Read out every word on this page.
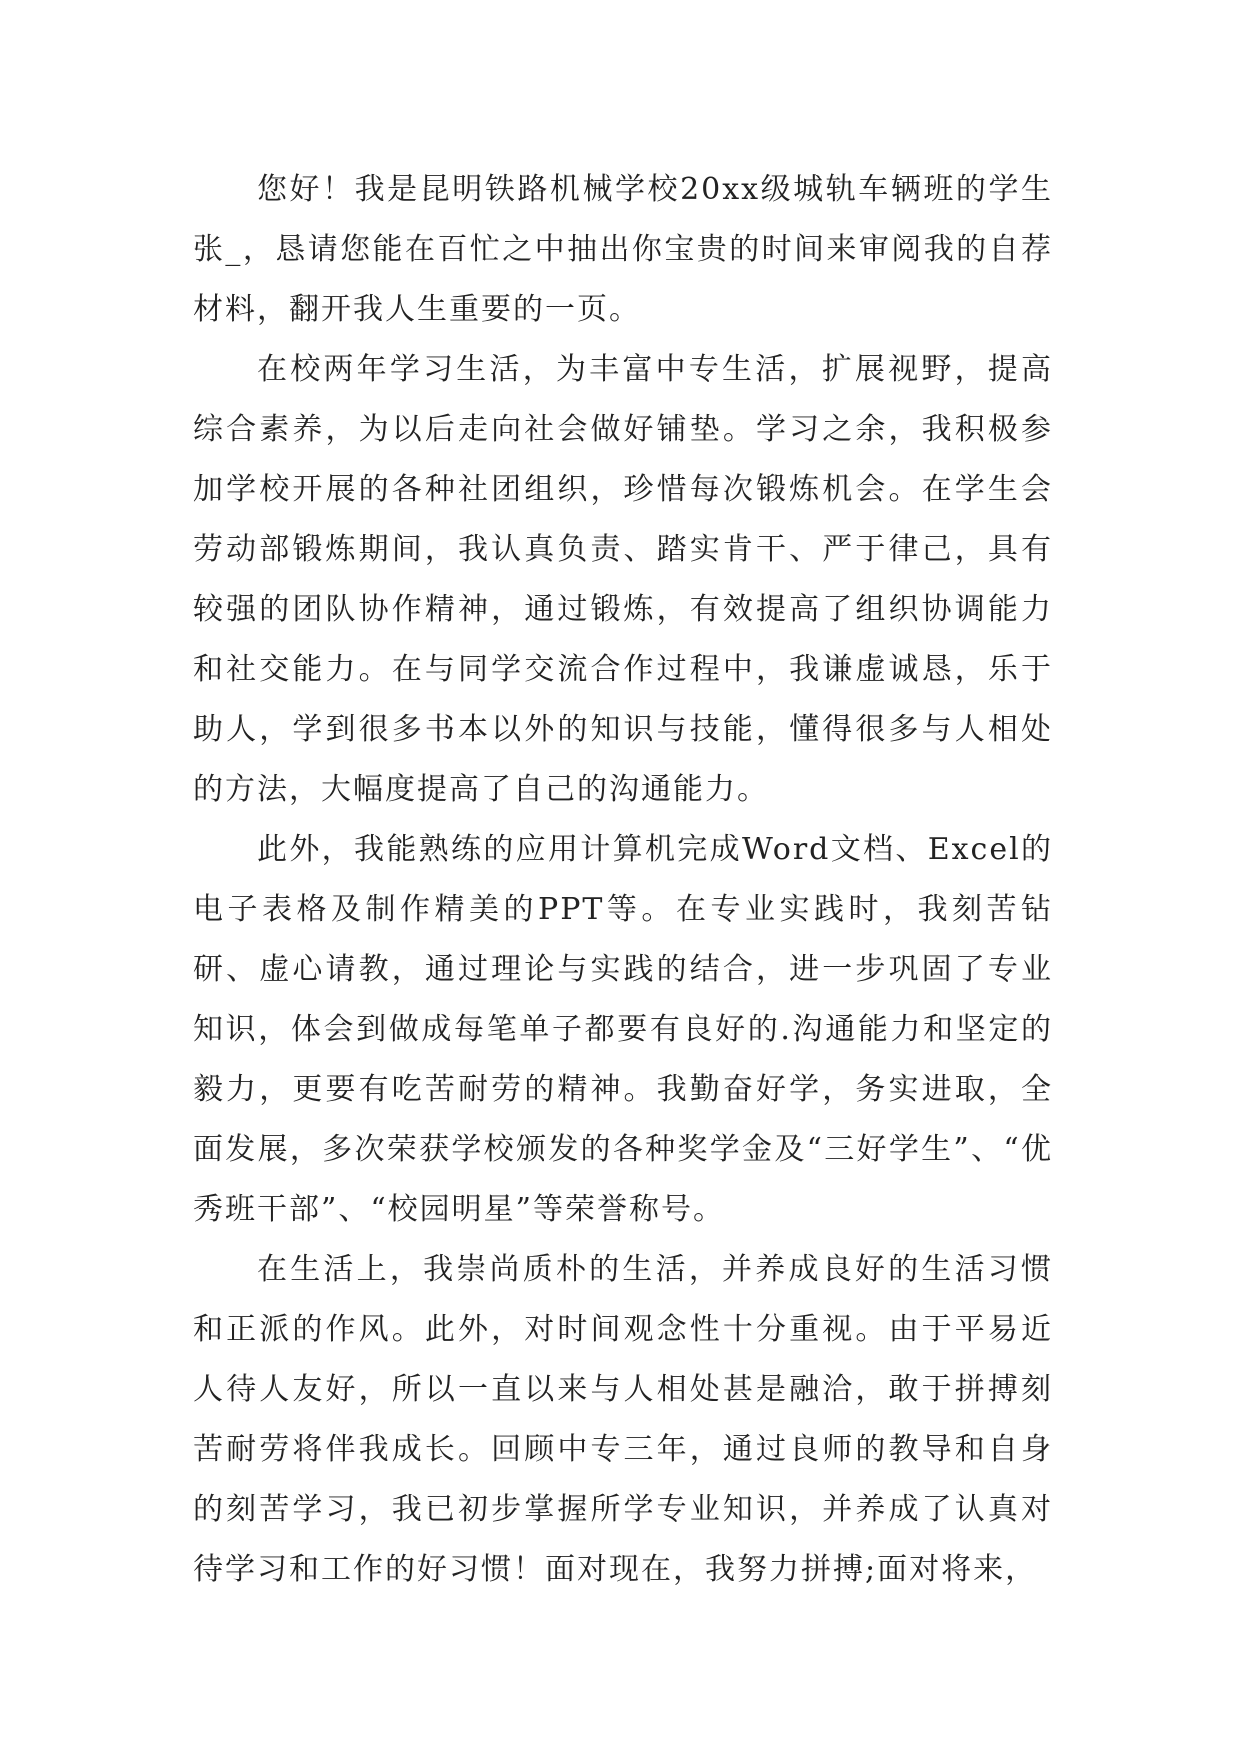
您好！我是昆明铁路机械学校20xx级城轨车辆班的学生张_，恳请您能在百忙之中抽出你宝贵的时间来审阅我的自荐材料，翻开我人生重要的一页。

在校两年学习生活，为丰富中专生活，扩展视野，提高综合素养，为以后走向社会做好铺垫。学习之余，我积极参加学校开展的各种社团组织，珍惜每次锻炼机会。在学生会劳动部锻炼期间，我认真负责、踏实肯干、严于律己，具有较强的团队协作精神，通过锻炼，有效提高了组织协调能力和社交能力。在与同学交流合作过程中，我谦虚诚恳，乐于助人，学到很多书本以外的知识与技能，懂得很多与人相处的方法，大幅度提高了自己的沟通能力。

此外，我能熟练的应用计算机完成Word文档、Excel的电子表格及制作精美的PPT等。在专业实践时，我刻苦钻研、虚心请教，通过理论与实践的结合，进一步巩固了专业知识，体会到做成每笔单子都要有良好的.沟通能力和坚定的毅力，更要有吃苦耐劳的精神。我勤奋好学，务实进取，全面发展，多次荣获学校颁发的各种奖学金及“三好学生”、“优秀班干部”、“校园明星”等荣誉称号。

在生活上，我崇尚质朴的生活，并养成良好的生活习惯和正派的作风。此外，对时间观念性十分重视。由于平易近人待人友好，所以一直以来与人相处甚是融洽，敢于拼搏刻苦耐劳将伴我成长。回顾中专三年，通过良师的教导和自身的刻苦学习，我已初步掌握所学专业知识，并养成了认真对待学习和工作的好习惯！面对现在，我努力拼搏;面对将来，
